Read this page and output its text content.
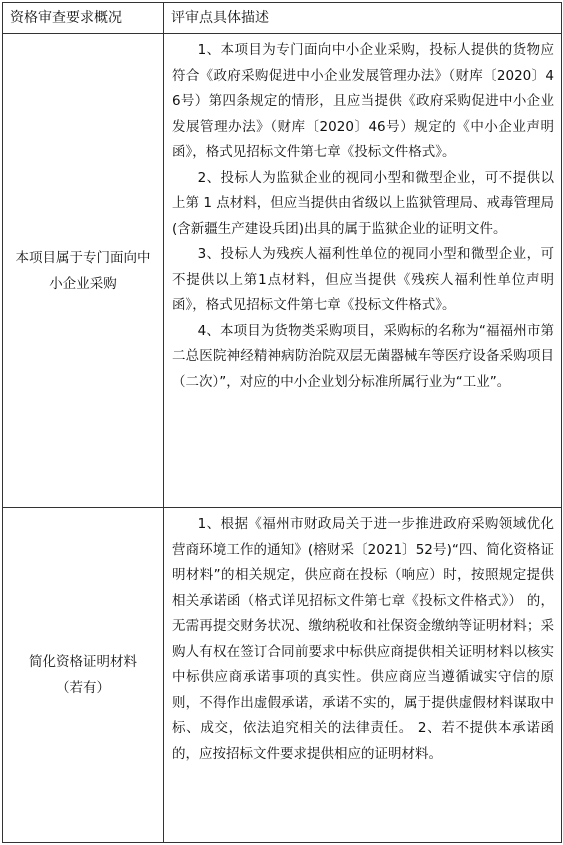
资格审查要求概况	评审点具体描述
本项目属于专门面向中小企业采购	1、本项目为专门面向中小企业采购，投标人提供的货物应符合《政府采购促进中小企业发展管理办法》（财库〔2020〕46号）第四条规定的情形，且应当提供《政府采购促进中小企业发展管理办法》（财库〔2020〕46号）规定的《中小企业声明函》，格式见招标文件第七章《投标文件格式》。

2、投标人为监狱企业的视同小型和微型企业，可不提供以上第 1 点材料，但应当提供由省级以上监狱管理局、戒毒管理局(含新疆生产建设兵团)出具的属于监狱企业的证明文件。

3、投标人为残疾人福利性单位的视同小型和微型企业，可不提供以上第1点材料，但应当提供《残疾人福利性单位声明函》，格式见招标文件第七章《投标文件格式》。

4、本项目为货物类采购项目，采购标的名称为“福福州市第二总医院神经精神病防治院双层无菌器械车等医疗设备采购项目（二次）”，对应的中小企业划分标准所属行业为“工业”。

简化资格证明材料
（若有）	1、根据《福州市财政局关于进一步推进政府采购领域优化营商环境工作的通知》(榕财采〔2021〕52号)“四、简化资格证明材料”的相关规定，供应商在投标（响应）时，按照规定提供相关承诺函（格式详见招标文件第七章《投标文件格式》） 的，无需再提交财务状况、缴纳税收和社保资金缴纳等证明材料；采购人有权在签订合同前要求中标供应商提供相关证明材料以核实中标供应商承诺事项的真实性。供应商应当遵循诚实守信的原则，不得作出虚假承诺，承诺不实的，属于提供虚假材料谋取中标、成交，依法追究相关的法律责任。 2、若不提供本承诺函的，应按招标文件要求提供相应的证明材料。
